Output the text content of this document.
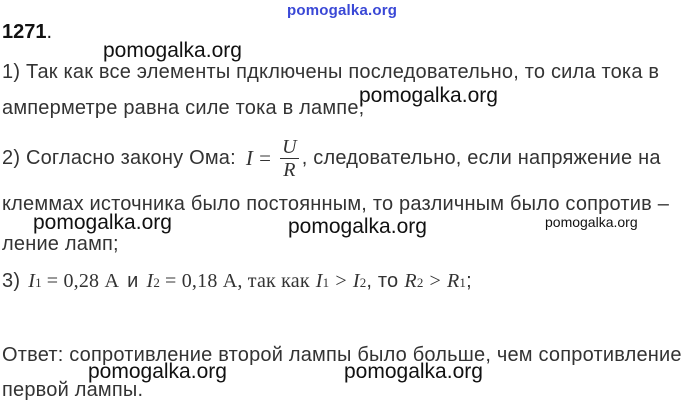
pomogalka.org
1271.
pomogalka.org
1) Так как все элементы пдключены последовательно, то сила тока в
амперметре равна силе тока в лампе;
pomogalka.org
2) Согласно закону Ома: $I = \frac{U}{R}$ , следовательно, если напряжение на
клеммах источника было постоянным, то различным было сопротив –
pomogalka.org	pomogalka.org	pomogalka.org
ление ламп;
3) I 1 = 0,28 А и I 2 = 0,18 А, так как I 1 > I 2 , то R 2 > R 1 ;
Ответ: сопротивление второй лампы было больше, чем сопротивление
pomogalka.org	pomogalka.org
первой лампы.
